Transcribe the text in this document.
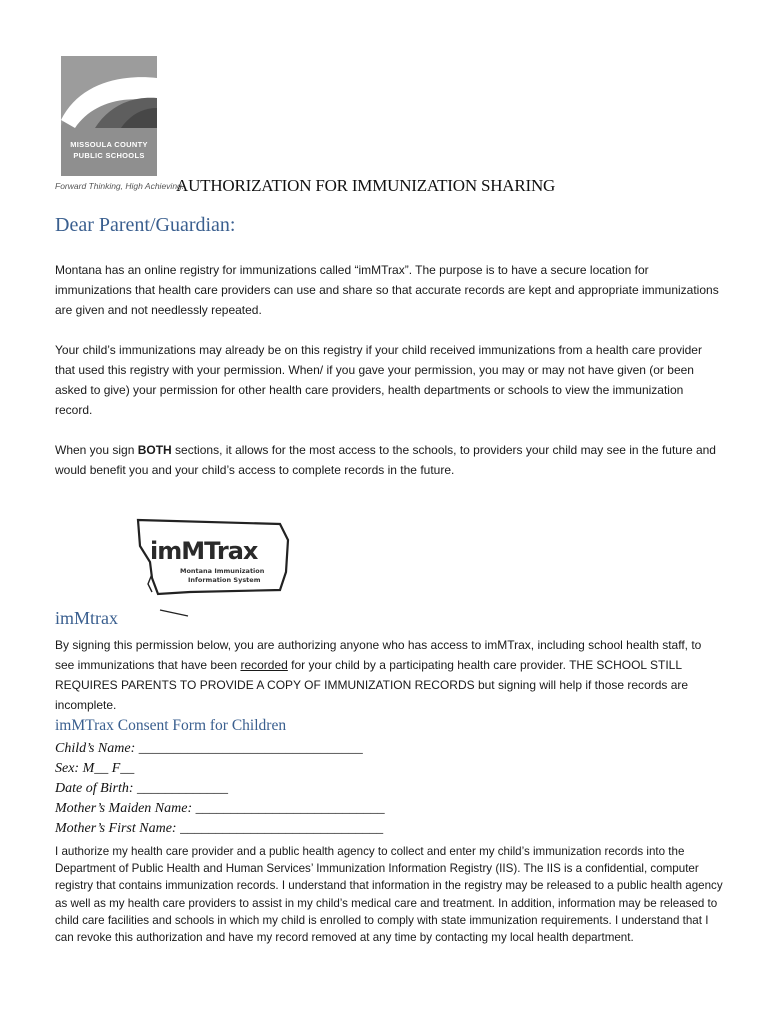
MISSOULA COUNTY
PUBLIC SCHOOLS
Forward Thinking, High Achieving.
AUTHORIZATION FOR IMMUNIZATION SHARING
Dear Parent/Guardian:

Montana has an online registry for immunizations called “imMTrax”. The purpose is to have a secure location for immunizations that health care providers can use and share so that accurate records are kept and appropriate immunizations are given and not needlessly repeated.

Your child’s immunizations may already be on this registry if your child received immunizations from a health care provider that used this registry with your permission. When/ if you gave your permission, you may or may not have given (or been asked to give) your permission for other health care providers, health departments or schools to view the immunization record.

When you sign BOTH sections, it allows for the most access to the schools, to providers your child may see in the future and would benefit you and your child’s access to complete records in the future.

imMTrax
Montana Immunization
Information System
imMtrax

By signing this permission below, you are authorizing anyone who has access to imMTrax, including school health staff, to see immunizations that have been recorded for your child by a participating health care provider. THE SCHOOL STILL REQUIRES PARENTS TO PROVIDE A COPY OF IMMUNIZATION RECORDS but signing will help if those records are incomplete.

imMTrax Consent Form for Children
Child’s Name: ________________________________
Sex: M__ F__
Date of Birth: _____________
Mother’s Maiden Name: ___________________________
Mother’s First Name: _____________________________

I authorize my health care provider and a public health agency to collect and enter my child’s immunization records into the Department of Public Health and Human Services’ Immunization Information Registry (IIS). The IIS is a confidential, computer registry that contains immunization records. I understand that information in the registry may be released to a public health agency as well as my health care providers to assist in my child’s medical care and treatment. In addition, information may be released to child care facilities and schools in which my child is enrolled to comply with state immunization requirements. I understand that I can revoke this authorization and have my record removed at any time by contacting my local health department.
